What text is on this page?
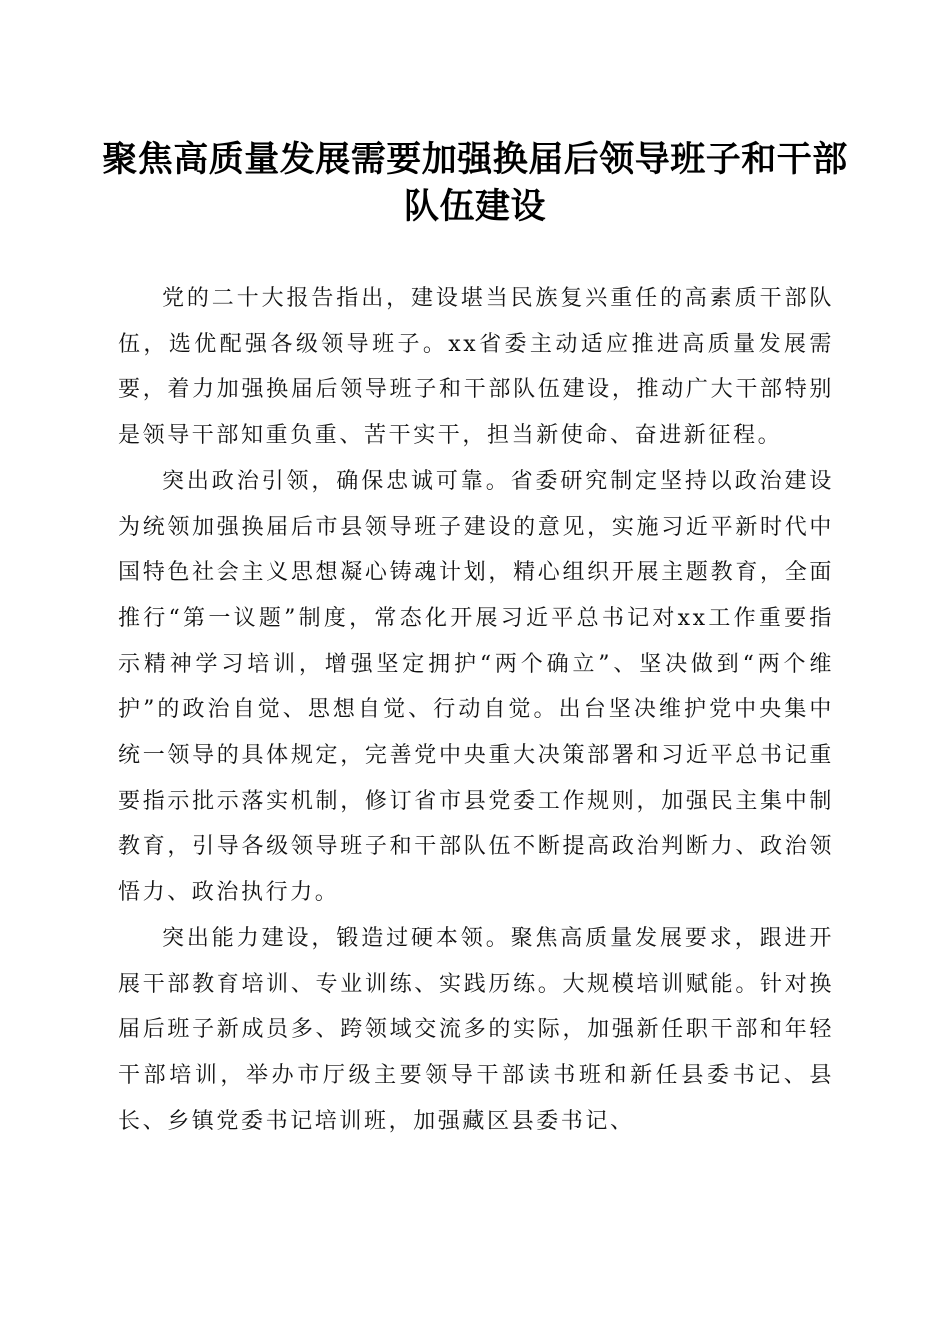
聚焦高质量发展需要加强换届后领导班子和干部队伍建设

党的二十大报告指出，建设堪当民族复兴重任的高素质干部队伍，选优配强各级领导班子。xx省委主动适应推进高质量发展需要，着力加强换届后领导班子和干部队伍建设，推动广大干部特别是领导干部知重负重、苦干实干，担当新使命、奋进新征程。

突出政治引领，确保忠诚可靠。省委研究制定坚持以政治建设为统领加强换届后市县领导班子建设的意见，实施习近平新时代中国特色社会主义思想凝心铸魂计划，精心组织开展主题教育，全面推行“第一议题”制度，常态化开展习近平总书记对xx工作重要指示精神学习培训，增强坚定拥护“两个确立”、坚决做到“两个维护”的政治自觉、思想自觉、行动自觉。出台坚决维护党中央集中统一领导的具体规定，完善党中央重大决策部署和习近平总书记重要指示批示落实机制，修订省市县党委工作规则，加强民主集中制教育，引导各级领导班子和干部队伍不断提高政治判断力、政治领悟力、政治执行力。

突出能力建设，锻造过硬本领。聚焦高质量发展要求，跟进开展干部教育培训、专业训练、实践历练。大规模培训赋能。针对换届后班子新成员多、跨领域交流多的实际，加强新任职干部和年轻干部培训，举办市厅级主要领导干部读书班和新任县委书记、县长、乡镇党委书记培训班，加强藏区县委书记、
